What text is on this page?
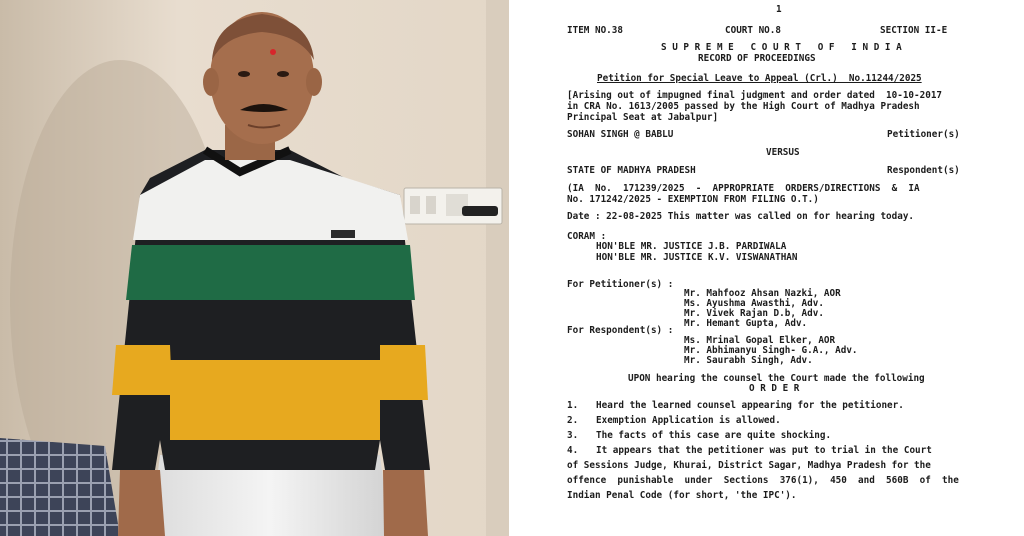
1
ITEM NO.38	COURT NO.8	SECTION II-E
S U P R E M E   C O U R T   O F   I N D I A
RECORD OF PROCEEDINGS
Petition for Special Leave to Appeal (Crl.)  No.11244/2025
[Arising out of impugned final judgment and order dated  10-10-2017
in CRA No. 1613/2005 passed by the High Court of Madhya Pradesh
Principal Seat at Jabalpur]
SOHAN SINGH @ BABLU	Petitioner(s)
VERSUS
STATE OF MADHYA PRADESH	Respondent(s)
(IA  No.  171239/2025  -  APPROPRIATE  ORDERS/DIRECTIONS  &  IA
No. 171242/2025 - EXEMPTION FROM FILING O.T.)
Date : 22-08-2025 This matter was called on for hearing today.
CORAM :
HON'BLE MR. JUSTICE J.B. PARDIWALA
HON'BLE MR. JUSTICE K.V. VISWANATHAN
For Petitioner(s) :
Mr. Mahfooz Ahsan Nazki, AOR
Ms. Ayushma Awasthi, Adv.
Mr. Vivek Rajan D.b, Adv.
Mr. Hemant Gupta, Adv.
For Respondent(s) :
Ms. Mrinal Gopal Elker, AOR
Mr. Abhimanyu Singh- G.A., Adv.
Mr. Saurabh Singh, Adv.
UPON hearing the counsel the Court made the following
O R D E R
1. Heard the learned counsel appearing for the petitioner.
2. Exemption Application is allowed.
3. The facts of this case are quite shocking.
4. It appears that the petitioner was put to trial in the Court
of Sessions Judge, Khurai, District Sagar, Madhya Pradesh for the
offence  punishable  under  Sections  376(1),  450  and  560B  of  the
Indian Penal Code (for short, 'the IPC').
